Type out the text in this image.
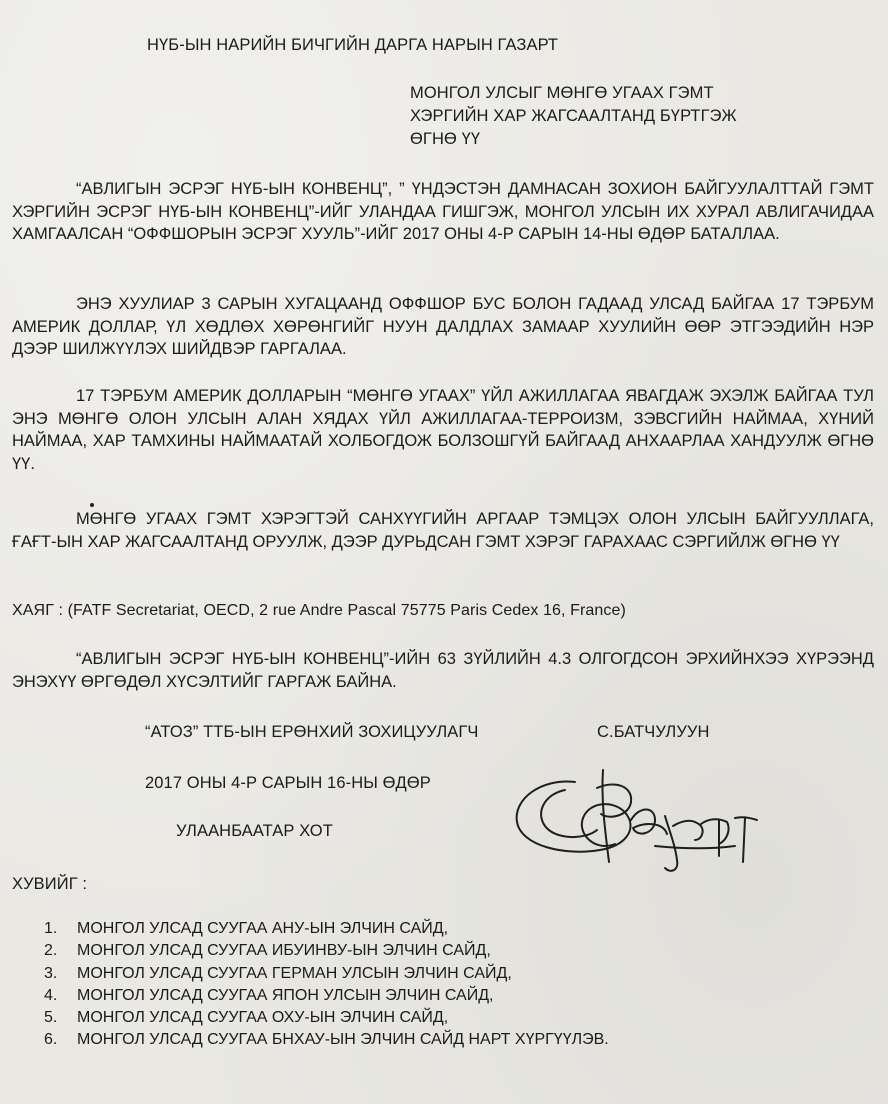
НҮБ-ЫН НАРИЙН БИЧГИЙН ДАРГА НАРЫН ГАЗАРТ
МОНГОЛ УЛСЫГ МӨНГӨ УГААХ ГЭМТ
ХЭРГИЙН ХАР ЖАГСААЛТАНД БҮРТГЭЖ
ӨГНӨ ҮҮ
“АВЛИГЫН ЭСРЭГ НҮБ-ЫН КОНВЕНЦ”, ” ҮНДЭСТЭН ДАМНАСАН ЗОХИОН БАЙГУУЛАЛТТАЙ ГЭМТ ХЭРГИЙН ЭСРЭГ НҮБ-ЫН КОНВЕНЦ”-ИЙГ УЛАНДАА ГИШГЭЖ, МОНГОЛ УЛСЫН ИХ ХУРАЛ АВЛИГАЧИДАА ХАМГААЛСАН “ОФФШОРЫН ЭСРЭГ ХУУЛЬ”-ИЙГ 2017 ОНЫ 4-Р САРЫН 14-НЫ ӨДӨР БАТАЛЛАА.
ЭНЭ ХУУЛИАР 3 САРЫН ХУГАЦААНД ОФФШОР БУС БОЛОН ГАДААД УЛСАД БАЙГАА 17 ТЭРБУМ АМЕРИК ДОЛЛАР, ҮЛ ХӨДЛӨХ ХӨРӨНГИЙГ НУУН ДАЛДЛАХ ЗАМААР ХУУЛИЙН ӨӨР ЭТГЭЭДИЙН НЭР ДЭЭР ШИЛЖҮҮЛЭХ ШИЙДВЭР ГАРГАЛАА.
17 ТЭРБУМ АМЕРИК ДОЛЛАРЫН “МӨНГӨ УГААХ” ҮЙЛ АЖИЛЛАГАА ЯВАГДАЖ ЭХЭЛЖ БАЙГАА ТУЛ ЭНЭ МӨНГӨ ОЛОН УЛСЫН АЛАН ХЯДАХ ҮЙЛ АЖИЛЛАГАА-ТЕРРОИЗМ, ЗЭВСГИЙН НАЙМАА, ХҮНИЙ НАЙМАА, ХАР ТАМХИНЫ НАЙМААТАЙ ХОЛБОГДОЖ БОЛЗОШГҮЙ БАЙГААД АНХААРЛАА ХАНДУУЛЖ ӨГНӨ ҮҮ.
МӨНГӨ УГААХ ГЭМТ ХЭРЭГТЭЙ САНХҮҮГИЙН АРГААР ТЭМЦЭХ ОЛОН УЛСЫН БАЙГУУЛЛАГА, ҒАҒТ-ЫН ХАР ЖАГСААЛТАНД ОРУУЛЖ, ДЭЭР ДУРЬДСАН ГЭМТ ХЭРЭГ ГАРАХААС СЭРГИЙЛЖ ӨГНӨ ҮҮ
ХАЯГ : (FATF Secretariat, OECD, 2 rue Andre Pascal 75775 Paris Cedex 16, France)
“АВЛИГЫН ЭСРЭГ НҮБ-ЫН КОНВЕНЦ”-ИЙН 63 ЗҮЙЛИЙН 4.3 ОЛГОГДСОН ЭРХИЙНХЭЭ ХҮРЭЭНД ЭНЭХҮҮ ӨРГӨДӨЛ ХҮСЭЛТИЙГ ГАРГАЖ БАЙНА.
“АТОЗ” ТТБ-ЫН ЕРӨНХИЙ ЗОХИЦУУЛАГЧ	С.БАТЧУЛУУН
2017 ОНЫ 4-Р САРЫН 16-НЫ ӨДӨР
УЛААНБААТАР ХОТ
ХУВИЙГ :
1. МОНГОЛ УЛСАД СУУГАА АНУ-ЫН ЭЛЧИН САЙД,
2. МОНГОЛ УЛСАД СУУГАА ИБУИНВУ-ЫН ЭЛЧИН САЙД,
3. МОНГОЛ УЛСАД СУУГАА ГЕРМАН УЛСЫН ЭЛЧИН САЙД,
4. МОНГОЛ УЛСАД СУУГАА ЯПОН УЛСЫН ЭЛЧИН САЙД,
5. МОНГОЛ УЛСАД СУУГАА ОХУ-ЫН ЭЛЧИН САЙД,
6. МОНГОЛ УЛСАД СУУГАА БНХАУ-ЫН ЭЛЧИН САЙД НАРТ ХҮРГҮҮЛЭВ.
